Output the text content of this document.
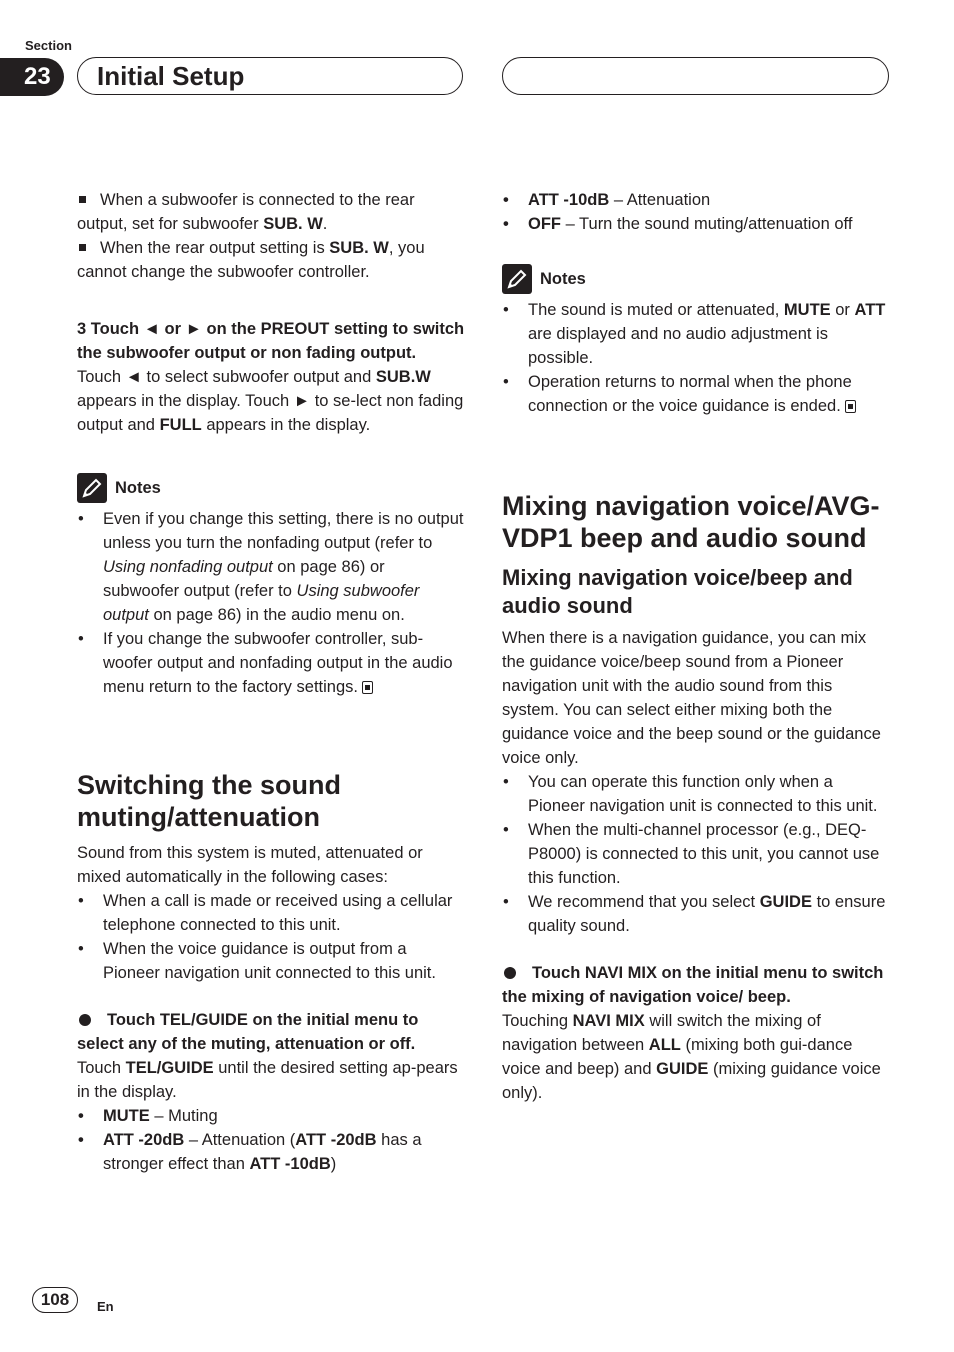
Section
23	Initial Setup

When a subwoofer is connected to the rear output, set for subwoofer SUB. W.

When the rear output setting is SUB. W, you cannot change the subwoofer controller.

3 Touch ◄ or ► on the PREOUT setting to switch the subwoofer output or non fading output.

Touch ◄ to select subwoofer output and SUB.W appears in the display. Touch ► to se-lect non fading output and FULL appears in the display.

Notes

• Even if you change this setting, there is no output unless you turn the nonfading output (refer to Using nonfading output on page 86) or subwoofer output (refer to Using subwoofer output on page 86) in the audio menu on.

• If you change the subwoofer controller, sub-woofer output and nonfading output in the audio menu return to the factory settings.

Switching the sound muting/attenuation

Sound from this system is muted, attenuated or mixed automatically in the following cases:

• When a call is made or received using a cellular telephone connected to this unit.

• When the voice guidance is output from a Pioneer navigation unit connected to this unit.

Touch TEL/GUIDE on the initial menu to select any of the muting, attenuation or off.

Touch TEL/GUIDE until the desired setting ap-pears in the display.

• MUTE – Muting

• ATT -20dB – Attenuation (ATT -20dB has a stronger effect than ATT -10dB)

• ATT -10dB – Attenuation

• OFF – Turn the sound muting/attenuation off

Notes

• The sound is muted or attenuated, MUTE or ATT are displayed and no audio adjustment is possible.

• Operation returns to normal when the phone connection or the voice guidance is ended.

Mixing navigation voice/AVG-VDP1 beep and audio sound
Mixing navigation voice/beep and audio sound

When there is a navigation guidance, you can mix the guidance voice/beep sound from a Pioneer navigation unit with the audio sound from this system. You can select either mixing both the guidance voice and the beep sound or the guidance voice only.

• You can operate this function only when a Pioneer navigation unit is connected to this unit.

• When the multi-channel processor (e.g., DEQ-P8000) is connected to this unit, you cannot use this function.

• We recommend that you select GUIDE to ensure quality sound.

Touch NAVI MIX on the initial menu to switch the mixing of navigation voice/ beep.

Touching NAVI MIX will switch the mixing of navigation between ALL (mixing both gui-dance voice and beep) and GUIDE (mixing guidance voice only).

108	En
